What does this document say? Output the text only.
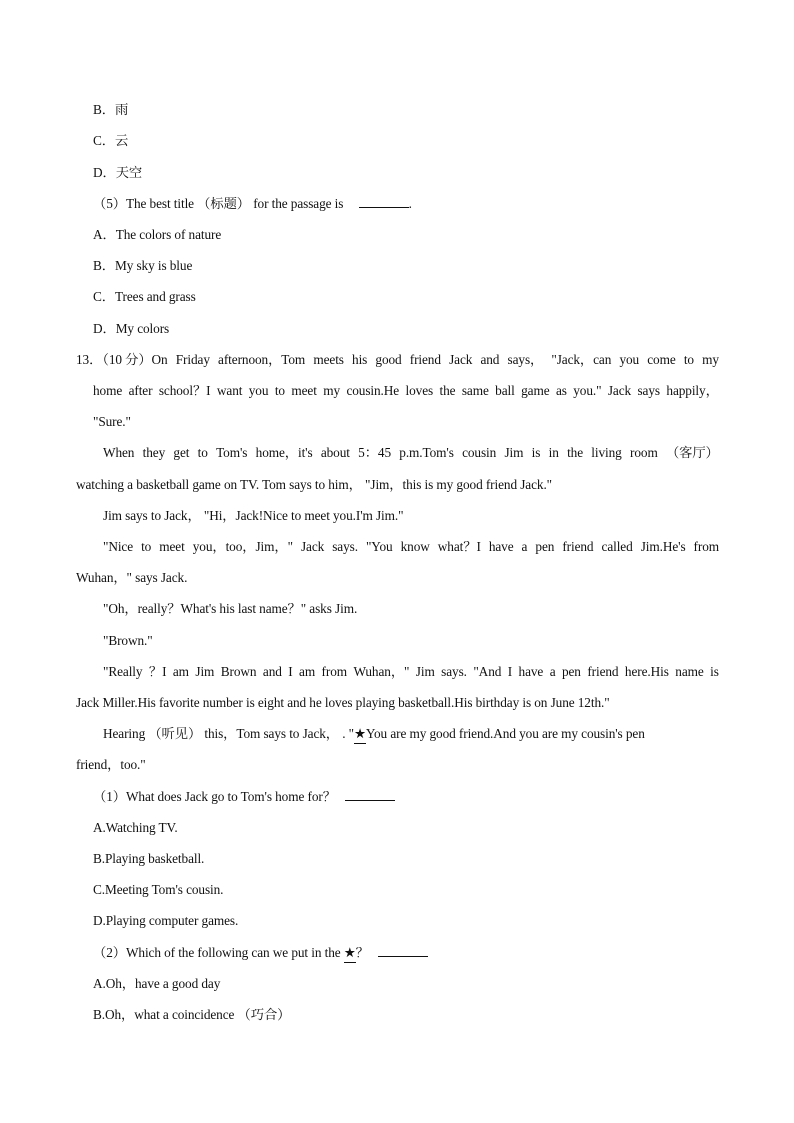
B．雨
C．云
D．天空
（5）The best title （标题） for the passage is	.
A．The colors of nature
B．My sky is blue
C．Trees and grass
D．My colors
13．（10 分）On Friday afternoon，Tom meets his good friend Jack and says， "Jack，can you come to my
home after school？I want you to meet my cousin.He loves the same ball game as you." Jack says happily，
"Sure."
When they get to Tom's home，it's about 5：45 p.m.Tom's cousin Jim is in the living room （客厅）
watching a basketball game on TV. Tom says to him， "Jim，this is my good friend Jack."
Jim says to Jack， "Hi，Jack!Nice to meet you.I'm Jim."
"Nice to meet you，too，Jim，" Jack says. "You know what？I have a pen friend called Jim.He's from
Wuhan，" says Jack.
"Oh，really？What's his last name？" asks Jim.
"Brown."
"Really ？I am Jim Brown and I am from Wuhan，" Jim says. "And I have a pen friend here.His name is
Jack Miller.His favorite number is eight and he loves playing basketball.His birthday is on June 12th."
Hearing （听见） this，Tom says to Jack， . "★You are my good friend.And you are my cousin's pen
friend，too."
（1）What does Jack go to Tom's home for？
A.Watching TV.
B.Playing basketball.
C.Meeting Tom's cousin.
D.Playing computer games.
（2）Which of the following can we put in the ★？
A.Oh，have a good day
B.Oh，what a coincidence （巧合）
